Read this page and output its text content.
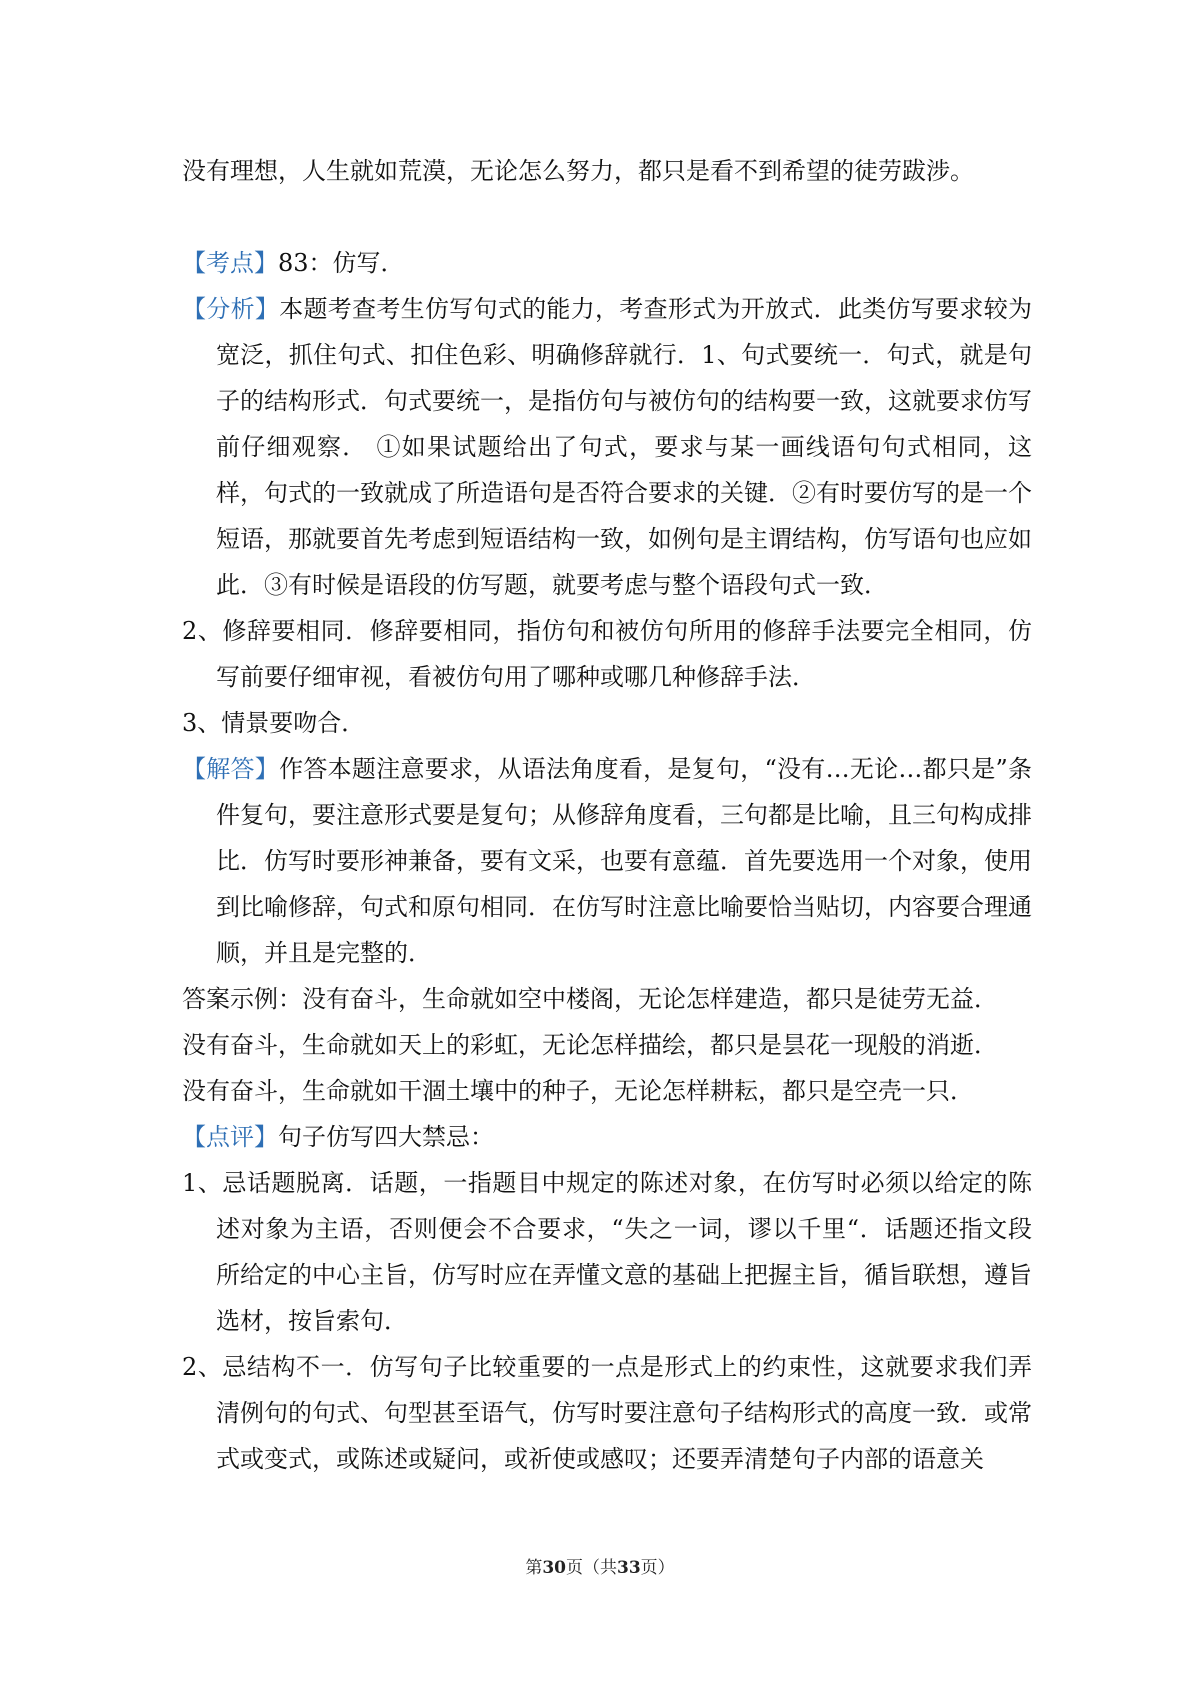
没有理想，人生就如荒漠，无论怎么努力，都只是看不到希望的徒劳跋涉。

【考点】83：仿写．

【分析】本题考查考生仿写句式的能力，考查形式为开放式．此类仿写要求较为宽泛，抓住句式、扣住色彩、明确修辞就行．1、句式要统一．句式，就是句子的结构形式．句式要统一，是指仿句与被仿句的结构要一致，这就要求仿写前仔细观察． ①如果试题给出了句式，要求与某一画线语句句式相同，这样，句式的一致就成了所造语句是否符合要求的关键．②有时要仿写的是一个短语，那就要首先考虑到短语结构一致，如例句是主谓结构，仿写语句也应如此．③有时候是语段的仿写题，就要考虑与整个语段句式一致．

2、修辞要相同．修辞要相同，指仿句和被仿句所用的修辞手法要完全相同，仿写前要仔细审视，看被仿句用了哪种或哪几种修辞手法．

3、情景要吻合．

【解答】作答本题注意要求，从语法角度看，是复句，“没有…无论…都只是”条件复句，要注意形式要是复句；从修辞角度看，三句都是比喻，且三句构成排比．仿写时要形神兼备，要有文采，也要有意蕴．首先要选用一个对象，使用到比喻修辞，句式和原句相同．在仿写时注意比喻要恰当贴切，内容要合理通顺，并且是完整的．

答案示例：没有奋斗，生命就如空中楼阁，无论怎样建造，都只是徒劳无益．

没有奋斗，生命就如天上的彩虹，无论怎样描绘，都只是昙花一现般的消逝．

没有奋斗，生命就如干涸土壤中的种子，无论怎样耕耘，都只是空壳一只．

【点评】句子仿写四大禁忌：

1、忌话题脱离．话题，一指题目中规定的陈述对象，在仿写时必须以给定的陈述对象为主语，否则便会不合要求，“失之一词，谬以千里“．话题还指文段所给定的中心主旨，仿写时应在弄懂文意的基础上把握主旨，循旨联想，遵旨选材，按旨索句．

2、忌结构不一．仿写句子比较重要的一点是形式上的约束性，这就要求我们弄清例句的句式、句型甚至语气，仿写时要注意句子结构形式的高度一致．或常式或变式，或陈述或疑问，或祈使或感叹；还要弄清楚句子内部的语意关

第30页（共33页）
